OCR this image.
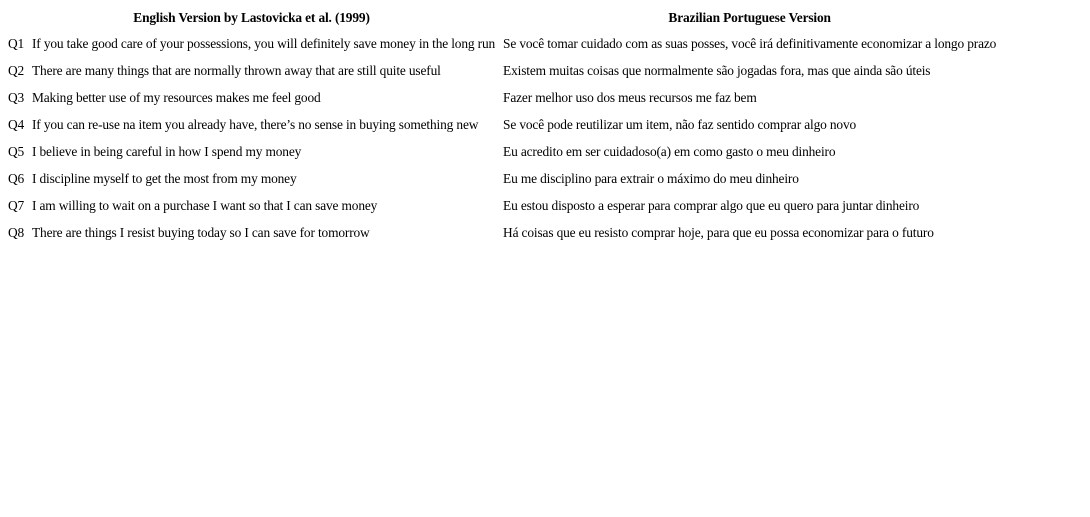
English Version by Lastovicka et al. (1999)		Brazilian Portuguese Version
Q1	If you take good care of your possessions, you will definitely save money in the long run	Se você tomar cuidado com as suas posses, você irá definitivamente economizar a longo prazo
Q2	There are many things that are normally thrown away that are still quite useful	Existem muitas coisas que normalmente são jogadas fora, mas que ainda são úteis
Q3	Making better use of my resources makes me feel good	Fazer melhor uso dos meus recursos me faz bem
Q4	If you can re-use na item you already have, there’s no sense in buying something new	Se você pode reutilizar um item, não faz sentido comprar algo novo
Q5	I believe in being careful in how I spend my money	Eu acredito em ser cuidadoso(a) em como gasto o meu dinheiro
Q6	I discipline myself to get the most from my money	Eu me disciplino para extrair o máximo do meu dinheiro
Q7	I am willing to wait on a purchase I want so that I can save money	Eu estou disposto a esperar para comprar algo que eu quero para juntar dinheiro
Q8	There are things I resist buying today so I can save for tomorrow	Há coisas que eu resisto comprar hoje, para que eu possa economizar para o futuro
